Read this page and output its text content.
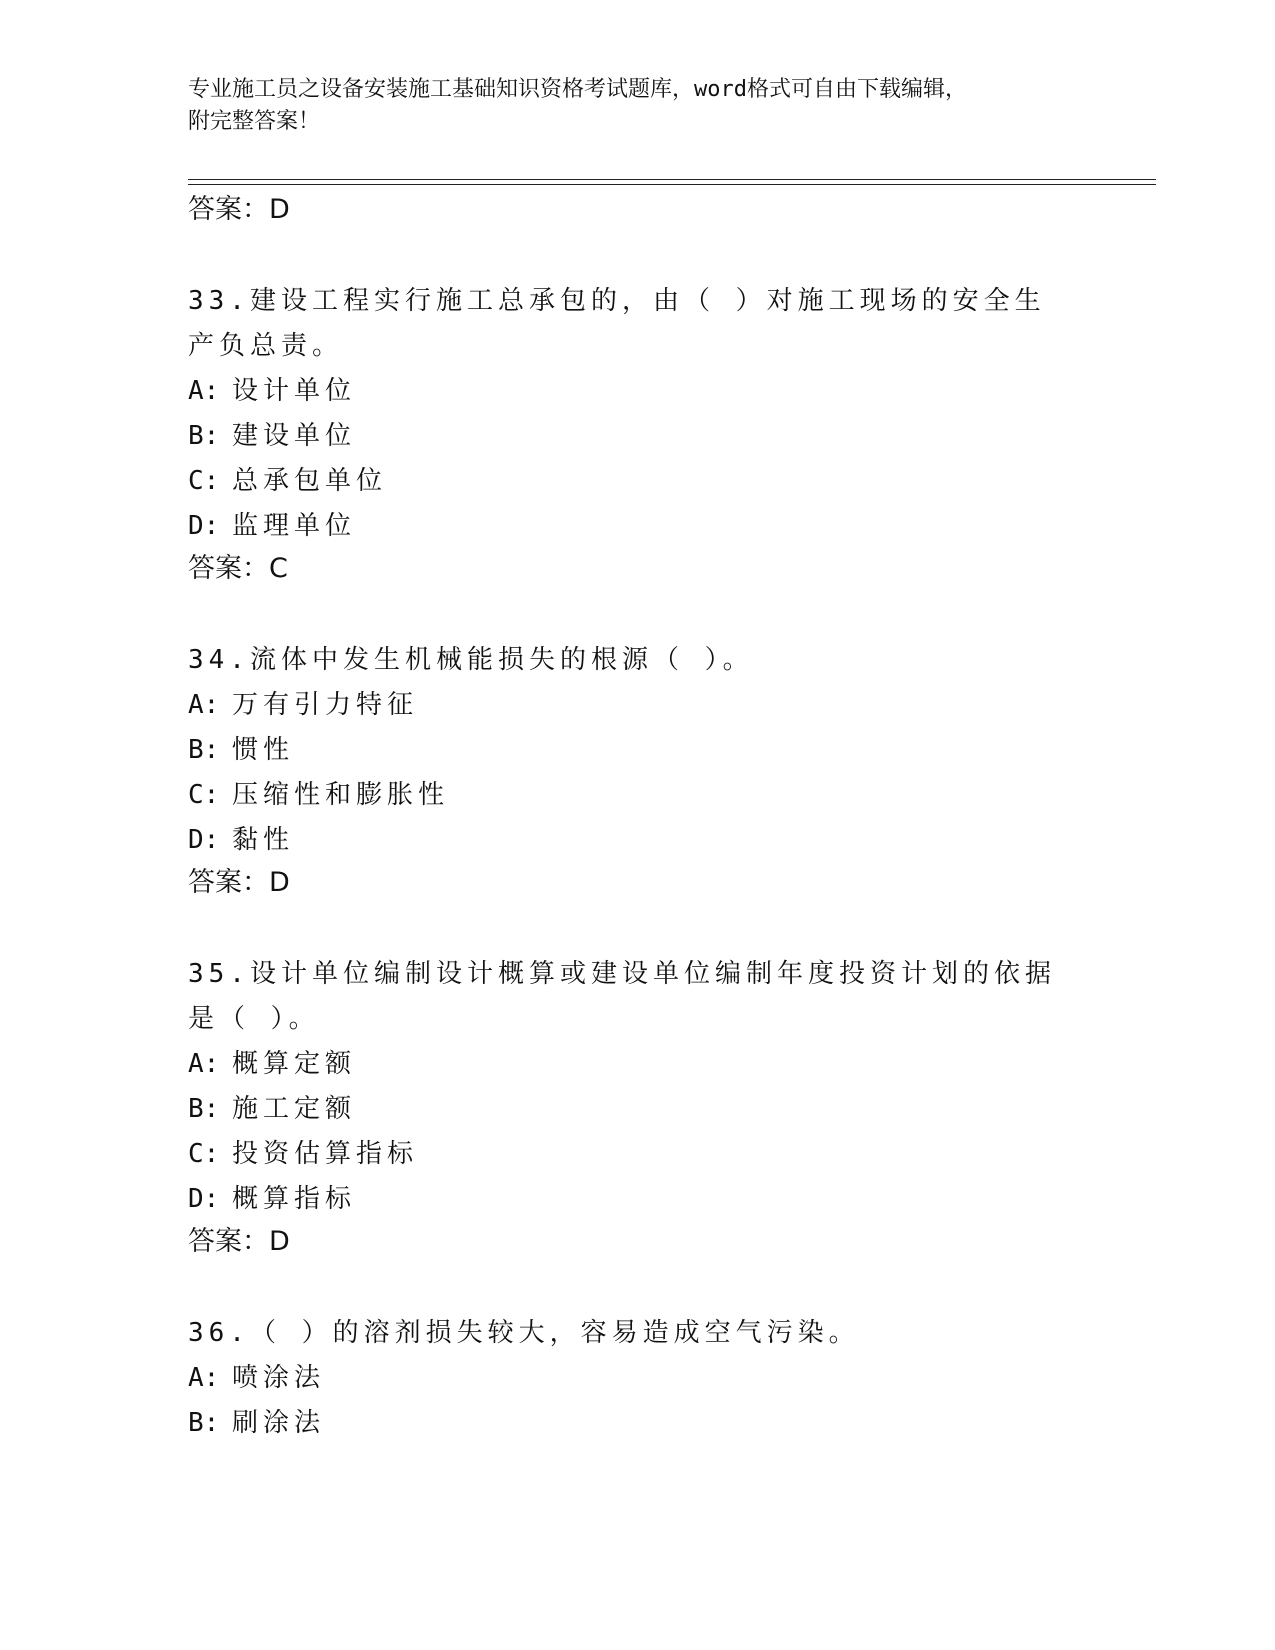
专业施工员之设备安装施工基础知识资格考试题库，word格式可自由下载编辑，
附完整答案！
答案：D
33.建设工程实行施工总承包的，由（ ）对施工现场的安全生产负总责。
A: 设计单位
B: 建设单位
C: 总承包单位
D: 监理单位
答案：C
34.流体中发生机械能损失的根源（ ）。
A: 万有引力特征
B: 惯性
C: 压缩性和膨胀性
D: 黏性
答案：D
35.设计单位编制设计概算或建设单位编制年度投资计划的依据是（ ）。
A: 概算定额
B: 施工定额
C: 投资估算指标
D: 概算指标
答案：D
36.（ ）的溶剂损失较大，容易造成空气污染。
A: 喷涂法
B: 刷涂法
